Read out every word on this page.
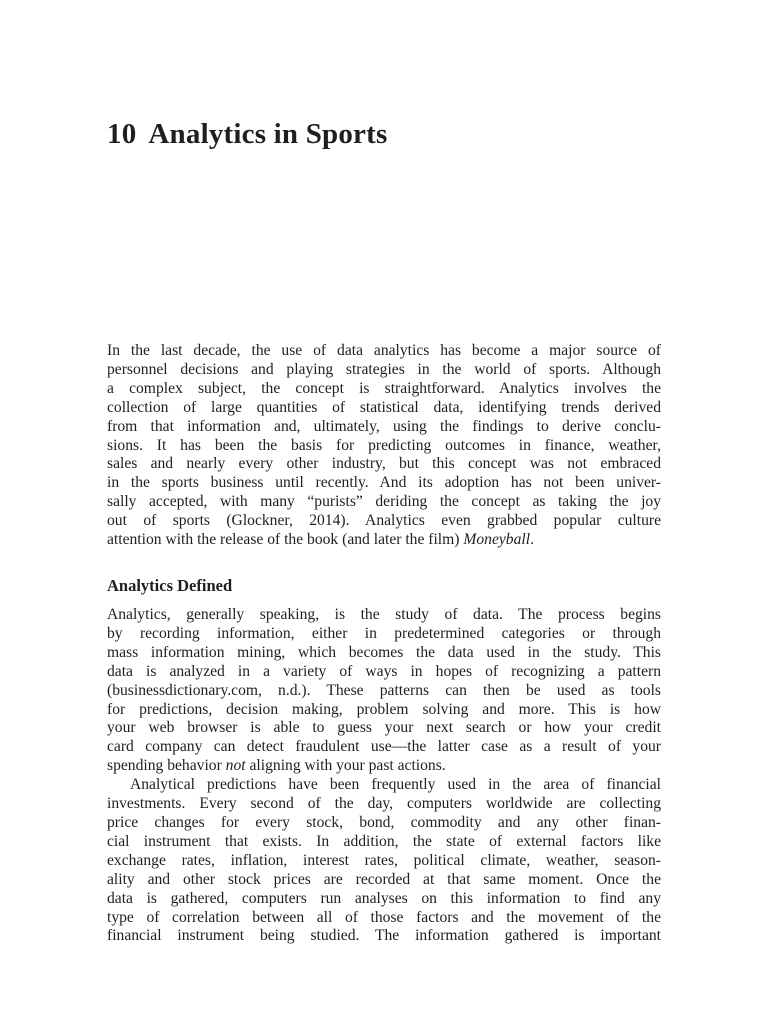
10 Analytics in Sports
In the last decade, the use of data analytics has become a major source of
personnel decisions and playing strategies in the world of sports. Although
a complex subject, the concept is straightforward. Analytics involves the
collection of large quantities of statistical data, identifying trends derived
from that information and, ultimately, using the findings to derive conclu-
sions. It has been the basis for predicting outcomes in finance, weather,
sales and nearly every other industry, but this concept was not embraced
in the sports business until recently. And its adoption has not been univer-
sally accepted, with many “purists” deriding the concept as taking the joy
out of sports (Glockner, 2014). Analytics even grabbed popular culture
attention with the release of the book (and later the film) Moneyball.
Analytics Defined

Analytics, generally speaking, is the study of data. The process begins
by recording information, either in predetermined categories or through
mass information mining, which becomes the data used in the study. This
data is analyzed in a variety of ways in hopes of recognizing a pattern
(businessdictionary.com, n.d.). These patterns can then be used as tools
for predictions, decision making, problem solving and more. This is how
your web browser is able to guess your next search or how your credit
card company can detect fraudulent use—the latter case as a result of your
spending behavior not aligning with your past actions.

Analytical predictions have been frequently used in the area of financial
investments. Every second of the day, computers worldwide are collecting
price changes for every stock, bond, commodity and any other finan-
cial instrument that exists. In addition, the state of external factors like
exchange rates, inflation, interest rates, political climate, weather, season-
ality and other stock prices are recorded at that same moment. Once the
data is gathered, computers run analyses on this information to find any
type of correlation between all of those factors and the movement of the
financial instrument being studied. The information gathered is important
